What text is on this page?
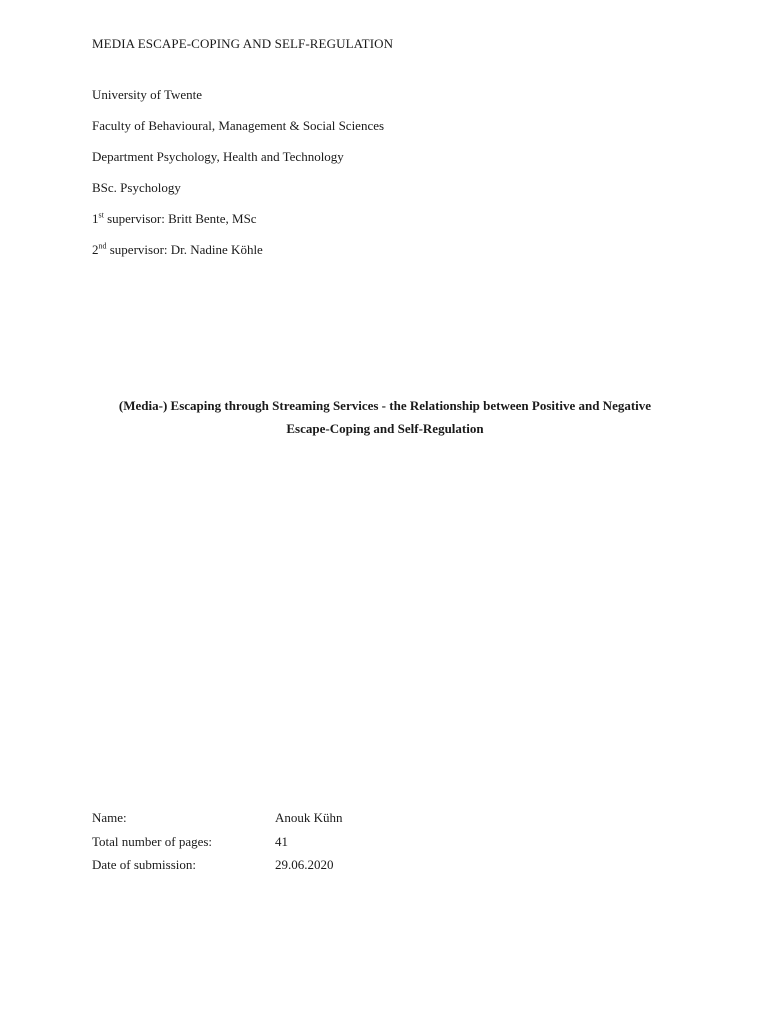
MEDIA ESCAPE-COPING AND SELF-REGULATION
University of Twente
Faculty of Behavioural, Management & Social Sciences
Department Psychology, Health and Technology
BSc. Psychology
1st supervisor: Britt Bente, MSc
2nd supervisor: Dr. Nadine Köhle
(Media-) Escaping through Streaming Services - the Relationship between Positive and Negative
Escape-Coping and Self-Regulation
Name:	Anouk Kühn
Total number of pages:	41
Date of submission:	29.06.2020
